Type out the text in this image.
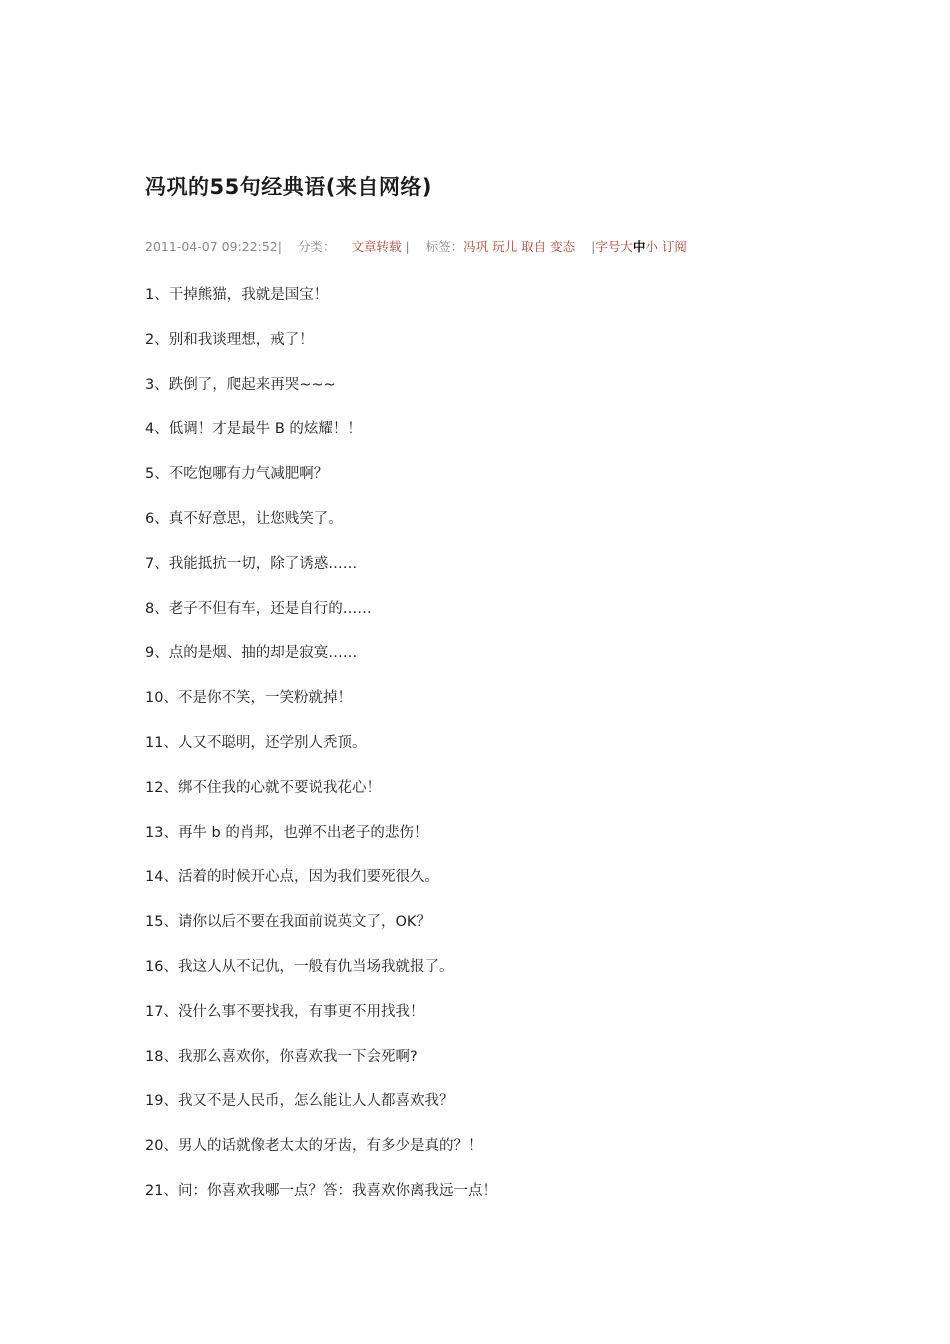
冯巩的55句经典语(来自网络)
2011-04-07 09:22:52| 分类： 文章转载 | 标签：冯巩 玩儿 取自 变态 |字号大中小 订阅
1、干掉熊猫，我就是国宝！
2、别和我谈理想，戒了！
3、跌倒了，爬起来再哭~~~
4、低调！才是最牛 B 的炫耀！！
5、不吃饱哪有力气减肥啊？
6、真不好意思，让您贱笑了。
7、我能抵抗一切，除了诱惑……
8、老子不但有车，还是自行的……
9、点的是烟、抽的却是寂寞……
10、不是你不笑，一笑粉就掉！
11、人又不聪明，还学别人秃顶。
12、绑不住我的心就不要说我花心！
13、再牛 b 的肖邦，也弹不出老子的悲伤！
14、活着的时候开心点，因为我们要死很久。
15、请你以后不要在我面前说英文了，OK？
16、我这人从不记仇，一般有仇当场我就报了。
17、没什么事不要找我，有事更不用找我！
18、我那么喜欢你，你喜欢我一下会死啊?
19、我又不是人民币，怎么能让人人都喜欢我？
20、男人的话就像老太太的牙齿，有多少是真的？！
21、问：你喜欢我哪一点？答：我喜欢你离我远一点！
